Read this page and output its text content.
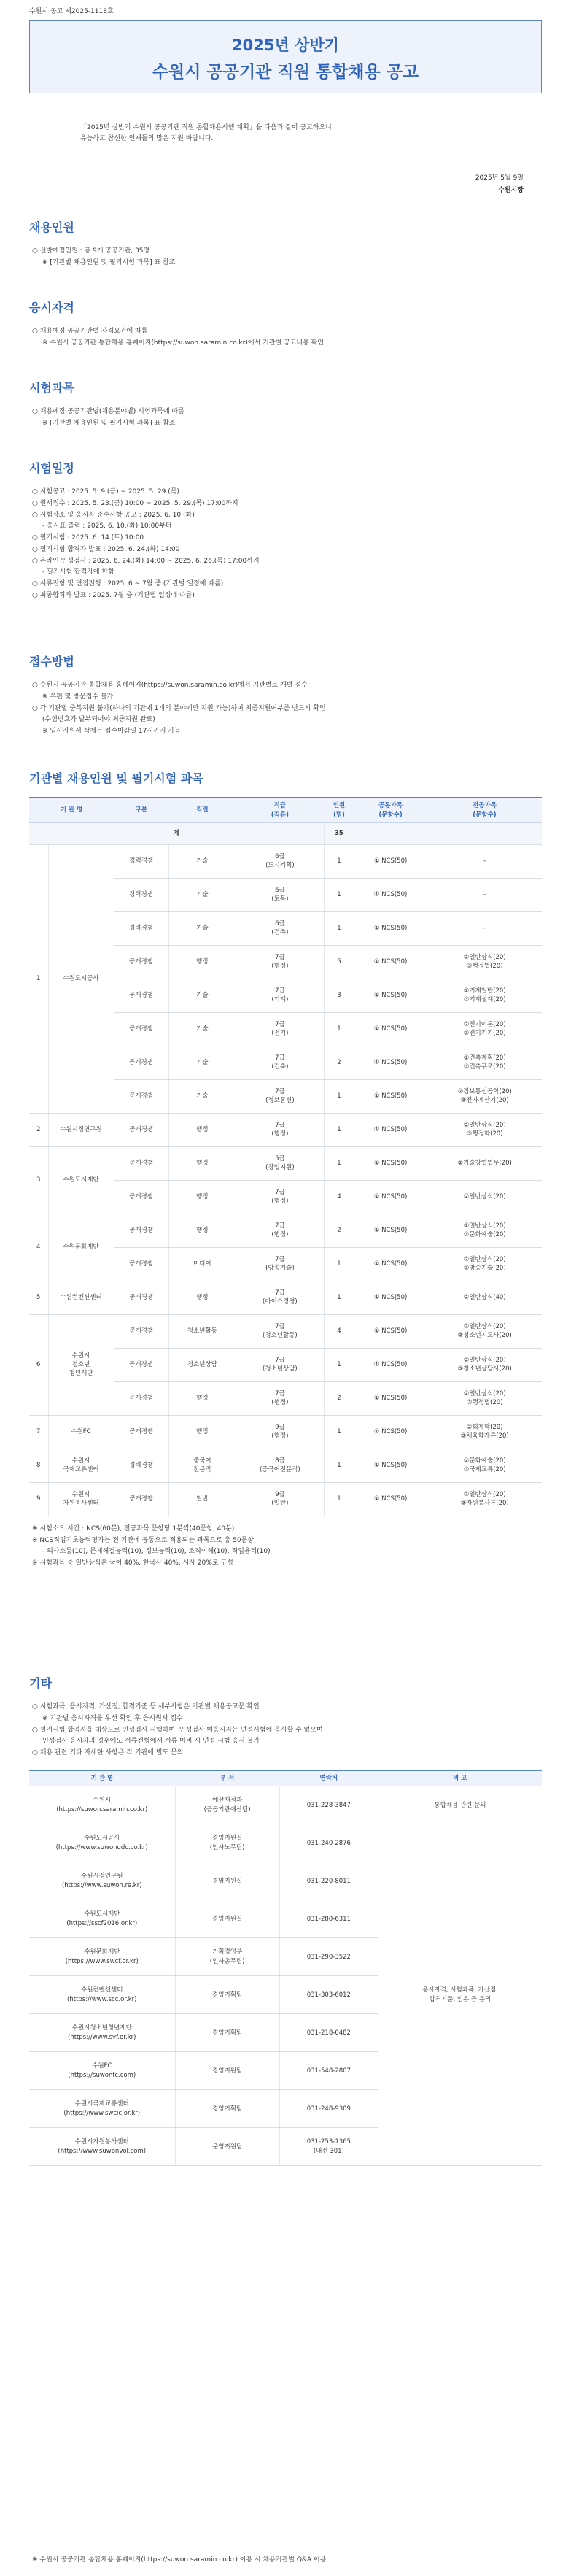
수원시 공고 제2025-1118호
2025년 상반기
수원시 공공기관 직원 통합채용 공고
「2025년 상반기 수원시 공공기관 직원 통합채용시행 계획」을 다음과 같이 공고하오니
유능하고 참신한 인재들의 많은 지원 바랍니다.
2025년 5월 9일
수원시장
채용인원

○ 선발예정인원 : 총 9개 공공기관, 35명

※ [기관별 채용인원 및 필기시험 과목] 표 참조

응시자격

○ 채용예정 공공기관별 자격요건에 따름

※ 수원시 공공기관 통합채용 홈페이지(https://suwon.saramin.co.kr)에서 기관별 공고내용 확인

시험과목

○ 채용예정 공공기관별(채용분야별) 시험과목에 따름

※ [기관별 채용인원 및 필기시험 과목] 표 참조

시험일정

○ 시험공고 : 2025. 5. 9.(금) ~ 2025. 5. 29.(목)

○ 원서접수 : 2025. 5. 23.(금) 10:00 ~ 2025. 5. 29.(목) 17:00까지

○ 시험장소 및 응시자 준수사항 공고 : 2025. 6. 10.(화)

- 응시표 출력 : 2025. 6. 10.(화) 10:00부터

○ 필기시험 : 2025. 6. 14.(토) 10:00

○ 필기시험 합격자 발표 : 2025. 6. 24.(화) 14:00

○ 온라인 인성검사 : 2025. 6. 24.(화) 14:00 ~ 2025. 6. 26.(목) 17:00까지

- 필기시험 합격자에 한함

○ 서류전형 및 면접전형 : 2025. 6 ~ 7월 중 (기관별 일정에 따름)

○ 최종합격자 발표 : 2025. 7월 중 (기관별 일정에 따름)

접수방법

○ 수원시 공공기관 통합채용 홈페이지(https://suwon.saramin.co.kr)에서 기관별로 개별 접수

※ 우편 및 방문접수 불가

○ 각 기관별 중복지원 불가(하나의 기관에 1개의 분야에만 지원 가능)하며 최종지원여부를 반드시 확인

(수험번호가 발부되어야 최종지원 완료)

※ 입사지원서 삭제는 접수마감일 17시까지 가능

기관별 채용인원 및 필기시험 과목
기 관 명		구분	직렬	직급
(직류)	인원
(명)	공통과목
(문항수)	전공과목
(문항수)
계					35		
1	수원도시공사	경력경쟁	기술	6급
(도시계획)	1	① NCS(50)	-
		경력경쟁	기술	6급
(토목)	1	① NCS(50)	-
		경력경쟁	기술	6급
(건축)	1	① NCS(50)	-
		공개경쟁	행정	7급
(행정)	5	① NCS(50)	②일반상식(20)
③행정법(20)
		공개경쟁	기술	7급
(기계)	3	① NCS(50)	②기계일반(20)
③기계설계(20)
		공개경쟁	기술	7급
(전기)	1	① NCS(50)	②전기이론(20)
③전기기기(20)
		공개경쟁	기술	7급
(건축)	2	① NCS(50)	②건축계획(20)
③건축구조(20)
		공개경쟁	기술	7급
(정보통신)	1	① NCS(50)	②정보통신공학(20)
③전자계산기(20)
2	수원시정연구원	공개경쟁	행정	7급
(행정)	1	① NCS(50)	②일반상식(20)
③행정학(20)
3	수원도시재단	공개경쟁	행정	5급
(창업지원)	1	① NCS(50)	②기술창업업무(20)
		공개경쟁	행정	7급
(행정)	4	① NCS(50)	②일반상식(20)
4	수원문화재단	공개경쟁	행정	7급
(행정)	2	① NCS(50)	②일반상식(20)
③문화예술(20)
		공개경쟁	미디어	7급
(방송기술)	1	① NCS(50)	②일반상식(20)
③방송기술(20)
5	수원컨벤션센터	공개경쟁	행정	7급
(마이스경영)	1	① NCS(50)	②일반상식(40)
6	수원시
청소년
청년재단	공개경쟁	청소년활동	7급
(청소년활동)	4	① NCS(50)	②일반상식(20)
③청소년지도사(20)
		공개경쟁	청소년상담	7급
(청소년상담)	1	① NCS(50)	②일반상식(20)
③청소년상담사(20)
		공개경쟁	행정	7급
(행정)	2	① NCS(50)	②일반상식(20)
③행정법(20)
7	수원FC	공개경쟁	행정	9급
(행정)	1	① NCS(50)	②회계학(20)
③체육학개론(20)
8	수원시
국제교류센터	경력경쟁	중국어
전문직	8급
(중국어전문직)	1	① NCS(50)	②문화예술(20)
③국제교류(20)
9	수원시
자원봉사센터	공개경쟁	일반	9급
(일반)	1	① NCS(50)	②일반상식(20)
③자원봉사론(20)

※ 시험소요 시간 : NCS(60분), 전공과목 문항당 1분씩(40문항, 40분)

※ NCS직업기초능력평가는 전 기관에 공통으로 적용되는 과목으로 총 50문항

- 의사소통(10), 문제해결능력(10), 정보능력(10), 조직이해(10), 직업윤리(10)

※ 시험과목 중 일반상식은 국어 40%, 한국사 40%, 시사 20%로 구성

기타

○ 시험과목, 응시자격, 가산점, 합격기준 등 세부사항은 기관별 채용공고문 확인

※ 기관별 응시자격을 우선 확인 후 응시원서 접수

○ 필기시험 합격자를 대상으로 인성검사 시행하며, 인성검사 미응시자는 면접시험에 응시할 수 없으며

인성검사 응시자의 경우에도 서류전형에서 서류 미비 시 면접 시험 응시 불가

○ 채용 관련 기타 자세한 사항은 각 기관에 별도 문의

기 관 명	부 서	연락처	비 고
수원시
(https://suwon.saramin.co.kr)	예산재정과
(공공기관에산팀)	031-228-3847	통합채용 관련 문의
수원도시공사
(https://www.suwonudc.co.kr)	경영지원실
(인사노무팀)	031-240-2876	응시자격, 시험과목, 가산점,
합격기준, 임용 등 문의
수원시정연구원
(https://www.suwon.re.kr)	경영지원실	031-220-8011	
수원도시재단
(https://sscf2016.or.kr)	경영지원실	031-280-6311	
수원문화재단
(https://www.swcf.or.kr)	기획경영부
(인사총무팀)	031-290-3522	
수원컨벤션센터
(https://www.scc.or.kr)	경영기획팀	031-303-6012	
수원시청소년청년재단
(https://www.syf.or.kr)	경영기획팀	031-218-0482	
수원FC
(https://suwonfc.com)	경영지원팀	031-548-2807	
수원시국제교류센터
(https://www.swcic.or.kr)	경영기획팀	031-248-9309	
수원시자원봉사센터
(https://www.suwonvol.com)	운영지원팀	031-253-1365
(내선 301)	
※ 수원시 공공기관 통합채용 홈페이지(https://suwon.saramin.co.kr) 이용 시 채용기관별 Q&A 이용
